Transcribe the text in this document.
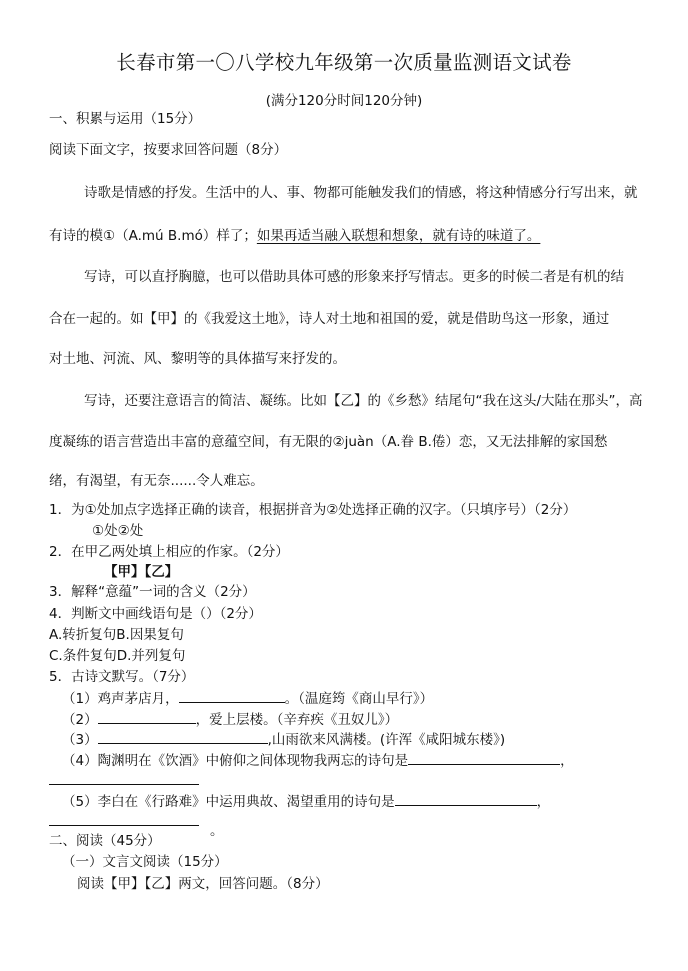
长春市第一〇八学校九年级第一次质量监测语文试卷
(满分120分时间120分钟)
一、积累与运用（15分）
阅读下面文字，按要求回答问题（8分）
诗歌是情感的抒发。生活中的人、事、物都可能触发我们的情感，将这种情感分行写出来，就
有诗的模①（A.mú B.mó）样了；如果再适当融入联想和想象，就有诗的味道了。
写诗，可以直抒胸臆，也可以借助具体可感的形象来抒写情志。更多的时候二者是有机的结
合在一起的。如【甲】的《我爱这土地》，诗人对土地和祖国的爱，就是借助鸟这一形象，通过
对土地、河流、风、黎明等的具体描写来抒发的。
写诗，还要注意语言的简洁、凝练。比如【乙】的《乡愁》结尾句“我在这头/大陆在那头”，高
度凝练的语言营造出丰富的意蕴空间，有无限的②juàn（A.眷 B.倦）恋，又无法排解的家国愁
绪，有渴望，有无奈......令人难忘。
1．为①处加点字选择正确的读音，根据拼音为②处选择正确的汉字。（只填序号）（2分）
①处②处
2．在甲乙两处填上相应的作家。（2分）
【甲】【乙】
3．解释“意蕴”一词的含义（2分）
4．判断文中画线语句是（）（2分）
A.转折复句B.因果复句
C.条件复句D.并列复句
5．古诗文默写。（7分）
（1）鸡声茅店月，	。（温庭筠《商山早行》）
（2）	，爱上层楼。（辛弃疾《丑奴儿》）
（3）	,山雨欲来风满楼。(许浑《咸阳城东楼》)
（4）陶渊明在《饮酒》中俯仰之间体现物我两忘的诗句是	，
（5）李白在《行路难》中运用典故、渴望重用的诗句是	，
。
二、阅读（45分）
（一）文言文阅读（15分）
阅读【甲】【乙】两文，回答问题。（8分）
